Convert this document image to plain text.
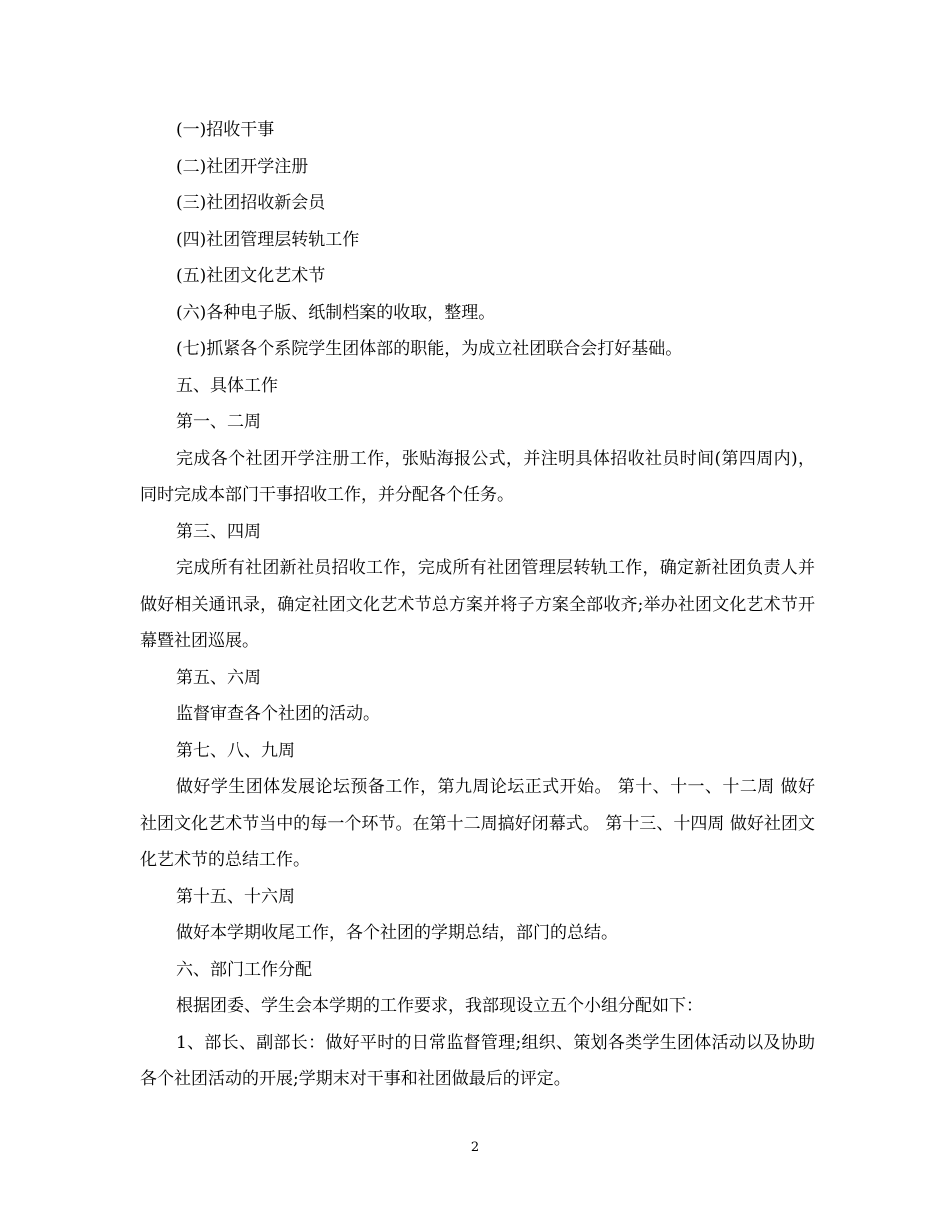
(一)招收干事

(二)社团开学注册

(三)社团招收新会员

(四)社团管理层转轨工作

(五)社团文化艺术节

(六)各种电子版、纸制档案的收取，整理。

(七)抓紧各个系院学生团体部的职能，为成立社团联合会打好基础。

五、具体工作

第一、二周

完成各个社团开学注册工作，张贴海报公式，并注明具体招收社员时间(第四周内)，同时完成本部门干事招收工作，并分配各个任务。

第三、四周

完成所有社团新社员招收工作，完成所有社团管理层转轨工作，确定新社团负责人并做好相关通讯录，确定社团文化艺术节总方案并将子方案全部收齐;举办社团文化艺术节开幕暨社团巡展。

第五、六周

监督审查各个社团的活动。

第七、八、九周

做好学生团体发展论坛预备工作，第九周论坛正式开始。 第十、十一、十二周 做好社团文化艺术节当中的每一个环节。在第十二周搞好闭幕式。 第十三、十四周 做好社团文化艺术节的总结工作。

第十五、十六周

做好本学期收尾工作，各个社团的学期总结，部门的总结。

六、部门工作分配

根据团委、学生会本学期的工作要求，我部现设立五个小组分配如下：

1、部长、副部长：做好平时的日常监督管理;组织、策划各类学生团体活动以及协助各个社团活动的开展;学期末对干事和社团做最后的评定。

2
